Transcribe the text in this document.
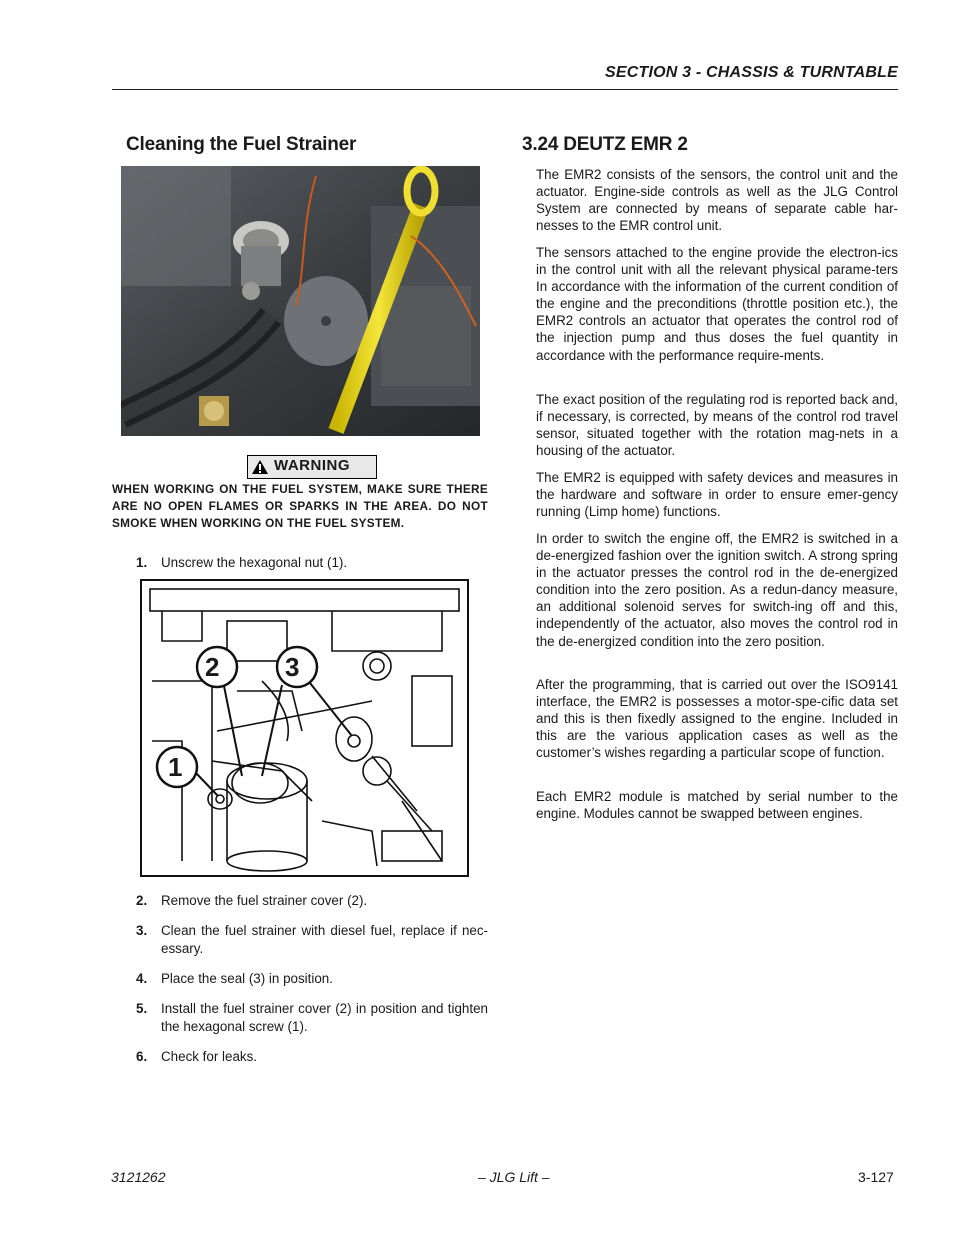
SECTION 3 - CHASSIS & TURNTABLE
Cleaning the Fuel Strainer
WARNING
WHEN WORKING ON THE FUEL SYSTEM, MAKE SURE THERE ARE NO OPEN FLAMES OR SPARKS IN THE AREA. DO NOT SMOKE WHEN WORKING ON THE FUEL SYSTEM.
1. Unscrew the hexagonal nut (1).
2	3
1
2. Remove the fuel strainer cover (2).
3. Clean the fuel strainer with diesel fuel, replace if nec-essary.
4. Place the seal (3) in position.
5. Install the fuel strainer cover (2) in position and tighten the hexagonal screw (1).
6. Check for leaks.
3.24 DEUTZ EMR 2

The EMR2 consists of the sensors, the control unit and the actuator. Engine-side controls as well as the JLG Control System are connected by means of separate cable har-nesses to the EMR control unit.

The sensors attached to the engine provide the electron-ics in the control unit with all the relevant physical parame-ters In accordance with the information of the current condition of the engine and the preconditions (throttle position etc.), the EMR2 controls an actuator that operates the control rod of the injection pump and thus doses the fuel quantity in accordance with the performance require-ments.

The exact position of the regulating rod is reported back and, if necessary, is corrected, by means of the control rod travel sensor, situated together with the rotation mag-nets in a housing of the actuator.

The EMR2 is equipped with safety devices and measures in the hardware and software in order to ensure emer-gency running (Limp home) functions.

In order to switch the engine off, the EMR2 is switched in a de-energized fashion over the ignition switch. A strong spring in the actuator presses the control rod in the de-energized condition into the zero position. As a redun-dancy measure, an additional solenoid serves for switch-ing off and this, independently of the actuator, also moves the control rod in the de-energized condition into the zero position.

After the programming, that is carried out over the ISO9141 interface, the EMR2 is possesses a motor-spe-cific data set and this is then fixedly assigned to the engine. Included in this are the various application cases as well as the customer’s wishes regarding a particular scope of function.

Each EMR2 module is matched by serial number to the engine. Modules cannot be swapped between engines.

3121262	– JLG Lift –	3-127
